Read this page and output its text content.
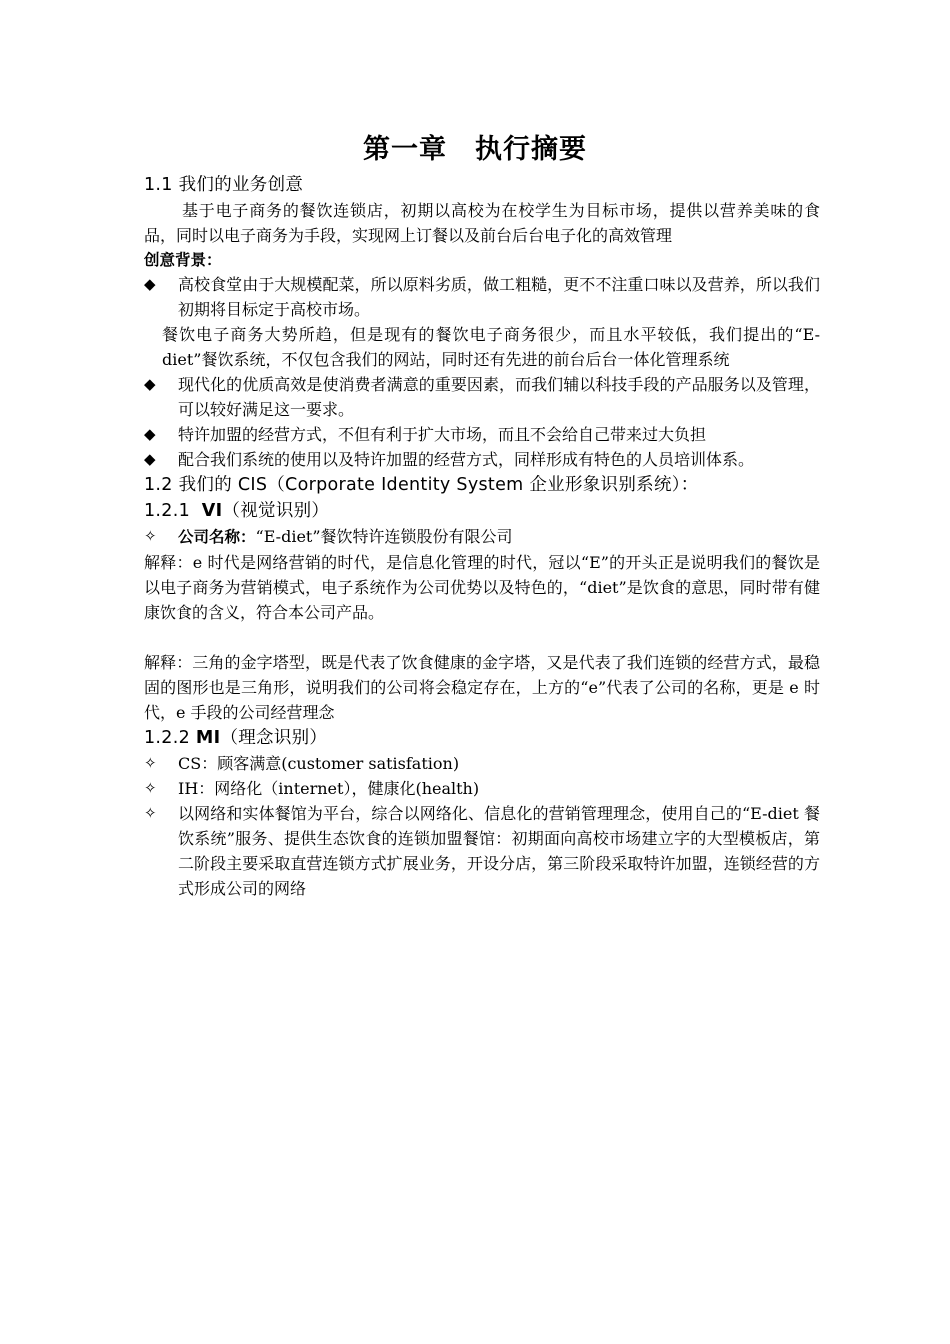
第一章　执行摘要
1.1 我们的业务创意
基于电子商务的餐饮连锁店，初期以高校为在校学生为目标市场，提供以营养美味的食品，同时以电子商务为手段，实现网上订餐以及前台后台电子化的高效管理
创意背景：
◆	高校食堂由于大规模配菜，所以原料劣质，做工粗糙，更不不注重口味以及营养，所以我们初期将目标定于高校市场。
餐饮电子商务大势所趋，但是现有的餐饮电子商务很少，而且水平较低，我们提出的“E-diet”餐饮系统，不仅包含我们的网站，同时还有先进的前台后台一体化管理系统
◆	现代化的优质高效是使消费者满意的重要因素，而我们辅以科技手段的产品服务以及管理，可以较好满足这一要求。
◆	特许加盟的经营方式，不但有利于扩大市场，而且不会给自己带来过大负担
◆	配合我们系统的使用以及特许加盟的经营方式，同样形成有特色的人员培训体系。
1.2 我们的 CIS（Corporate Identity System 企业形象识别系统）：
1.2.1 VI（视觉识别）
✧	公司名称：“E-diet”餐饮特许连锁股份有限公司
解释：e 时代是网络营销的时代，是信息化管理的时代，冠以“E”的开头正是说明我们的餐饮是以电子商务为营销模式，电子系统作为公司优势以及特色的，“diet”是饮食的意思，同时带有健康饮食的含义，符合本公司产品。
解释：三角的金字塔型，既是代表了饮食健康的金字塔，又是代表了我们连锁的经营方式，最稳固的图形也是三角形，说明我们的公司将会稳定存在，上方的“e”代表了公司的名称，更是 e 时代，e 手段的公司经营理念
1.2.2 MI（理念识别）
✧	CS：顾客满意(customer satisfation)
✧	IH：网络化（internet），健康化(health)
✧	以网络和实体餐馆为平台，综合以网络化、信息化的营销管理理念，使用自己的“E-diet 餐饮系统”服务、提供生态饮食的连锁加盟餐馆：初期面向高校市场建立字的大型模板店，第二阶段主要采取直营连锁方式扩展业务，开设分店，第三阶段采取特许加盟，连锁经营的方式形成公司的网络
